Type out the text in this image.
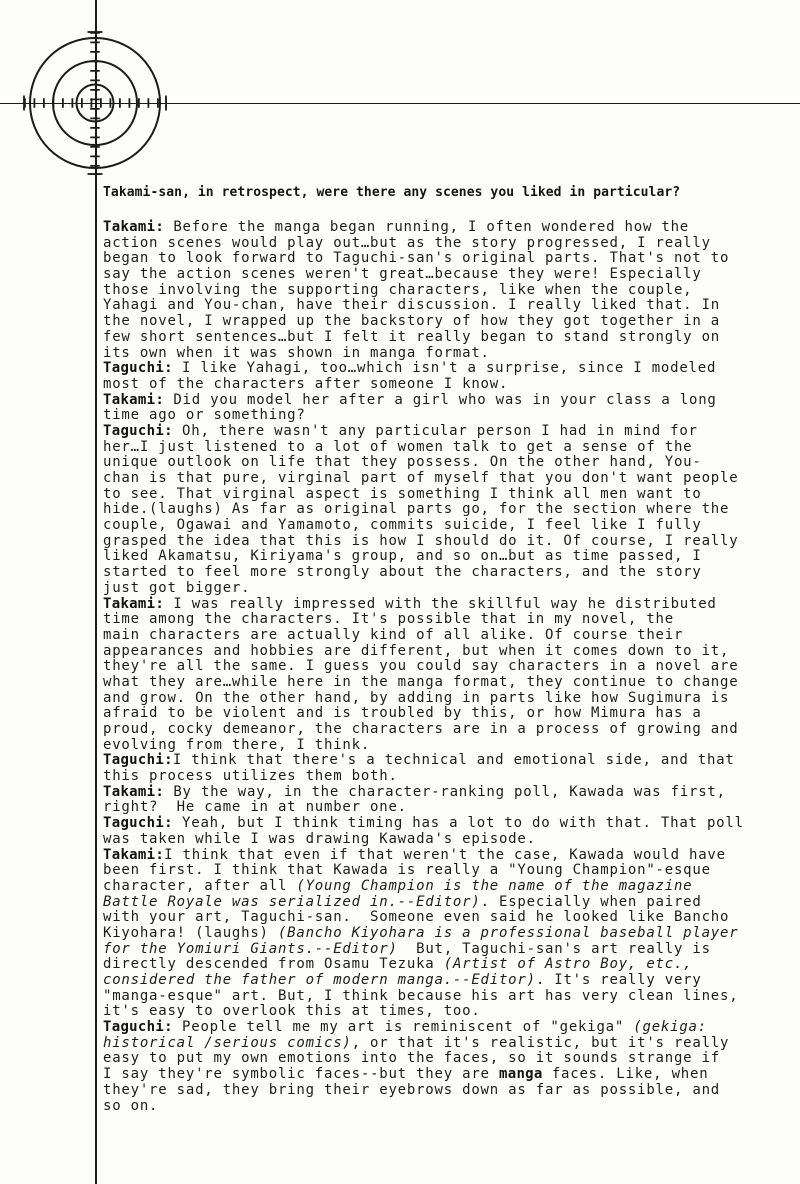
Takami-san, in retrospect, were there any scenes you liked in particular?
Takami: Before the manga began running, I often wondered how the
action scenes would play out…but as the story progressed, I really
began to look forward to Taguchi-san's original parts. That's not to
say the action scenes weren't great…because they were! Especially
those involving the supporting characters, like when the couple,
Yahagi and You-chan, have their discussion. I really liked that. In
the novel, I wrapped up the backstory of how they got together in a
few short sentences…but I felt it really began to stand strongly on
its own when it was shown in manga format.
Taguchi: I like Yahagi, too…which isn't a surprise, since I modeled
most of the characters after someone I know.
Takami: Did you model her after a girl who was in your class a long
time ago or something?
Taguchi: Oh, there wasn't any particular person I had in mind for
her…I just listened to a lot of women talk to get a sense of the
unique outlook on life that they possess. On the other hand, You-
chan is that pure, virginal part of myself that you don't want people
to see. That virginal aspect is something I think all men want to
hide.(laughs) As far as original parts go, for the section where the
couple, Ogawai and Yamamoto, commits suicide, I feel like I fully
grasped the idea that this is how I should do it. Of course, I really
liked Akamatsu, Kiriyama's group, and so on…but as time passed, I
started to feel more strongly about the characters, and the story
just got bigger.
Takami: I was really impressed with the skillful way he distributed
time among the characters. It's possible that in my novel, the
main characters are actually kind of all alike. Of course their
appearances and hobbies are different, but when it comes down to it,
they're all the same. I guess you could say characters in a novel are
what they are…while here in the manga format, they continue to change
and grow. On the other hand, by adding in parts like how Sugimura is
afraid to be violent and is troubled by this, or how Mimura has a
proud, cocky demeanor, the characters are in a process of growing and
evolving from there, I think.
Taguchi:I think that there's a technical and emotional side, and that
this process utilizes them both.
Takami: By the way, in the character-ranking poll, Kawada was first,
right?  He came in at number one.
Taguchi: Yeah, but I think timing has a lot to do with that. That poll
was taken while I was drawing Kawada's episode.
Takami:I think that even if that weren't the case, Kawada would have
been first. I think that Kawada is really a "Young Champion"-esque
character, after all (Young Champion is the name of the magazine
Battle Royale was serialized in.--Editor). Especially when paired
with your art, Taguchi-san.  Someone even said he looked like Bancho
Kiyohara! (laughs) (Bancho Kiyohara is a professional baseball player
for the Yomiuri Giants.--Editor)  But, Taguchi-san's art really is
directly descended from Osamu Tezuka (Artist of Astro Boy, etc.,
considered the father of modern manga.--Editor). It's really very
"manga-esque" art. But, I think because his art has very clean lines,
it's easy to overlook this at times, too.
Taguchi: People tell me my art is reminiscent of "gekiga" (gekiga:
historical /serious comics), or that it's realistic, but it's really
easy to put my own emotions into the faces, so it sounds strange if
I say they're symbolic faces--but they are manga faces. Like, when
they're sad, they bring their eyebrows down as far as possible, and
so on.
